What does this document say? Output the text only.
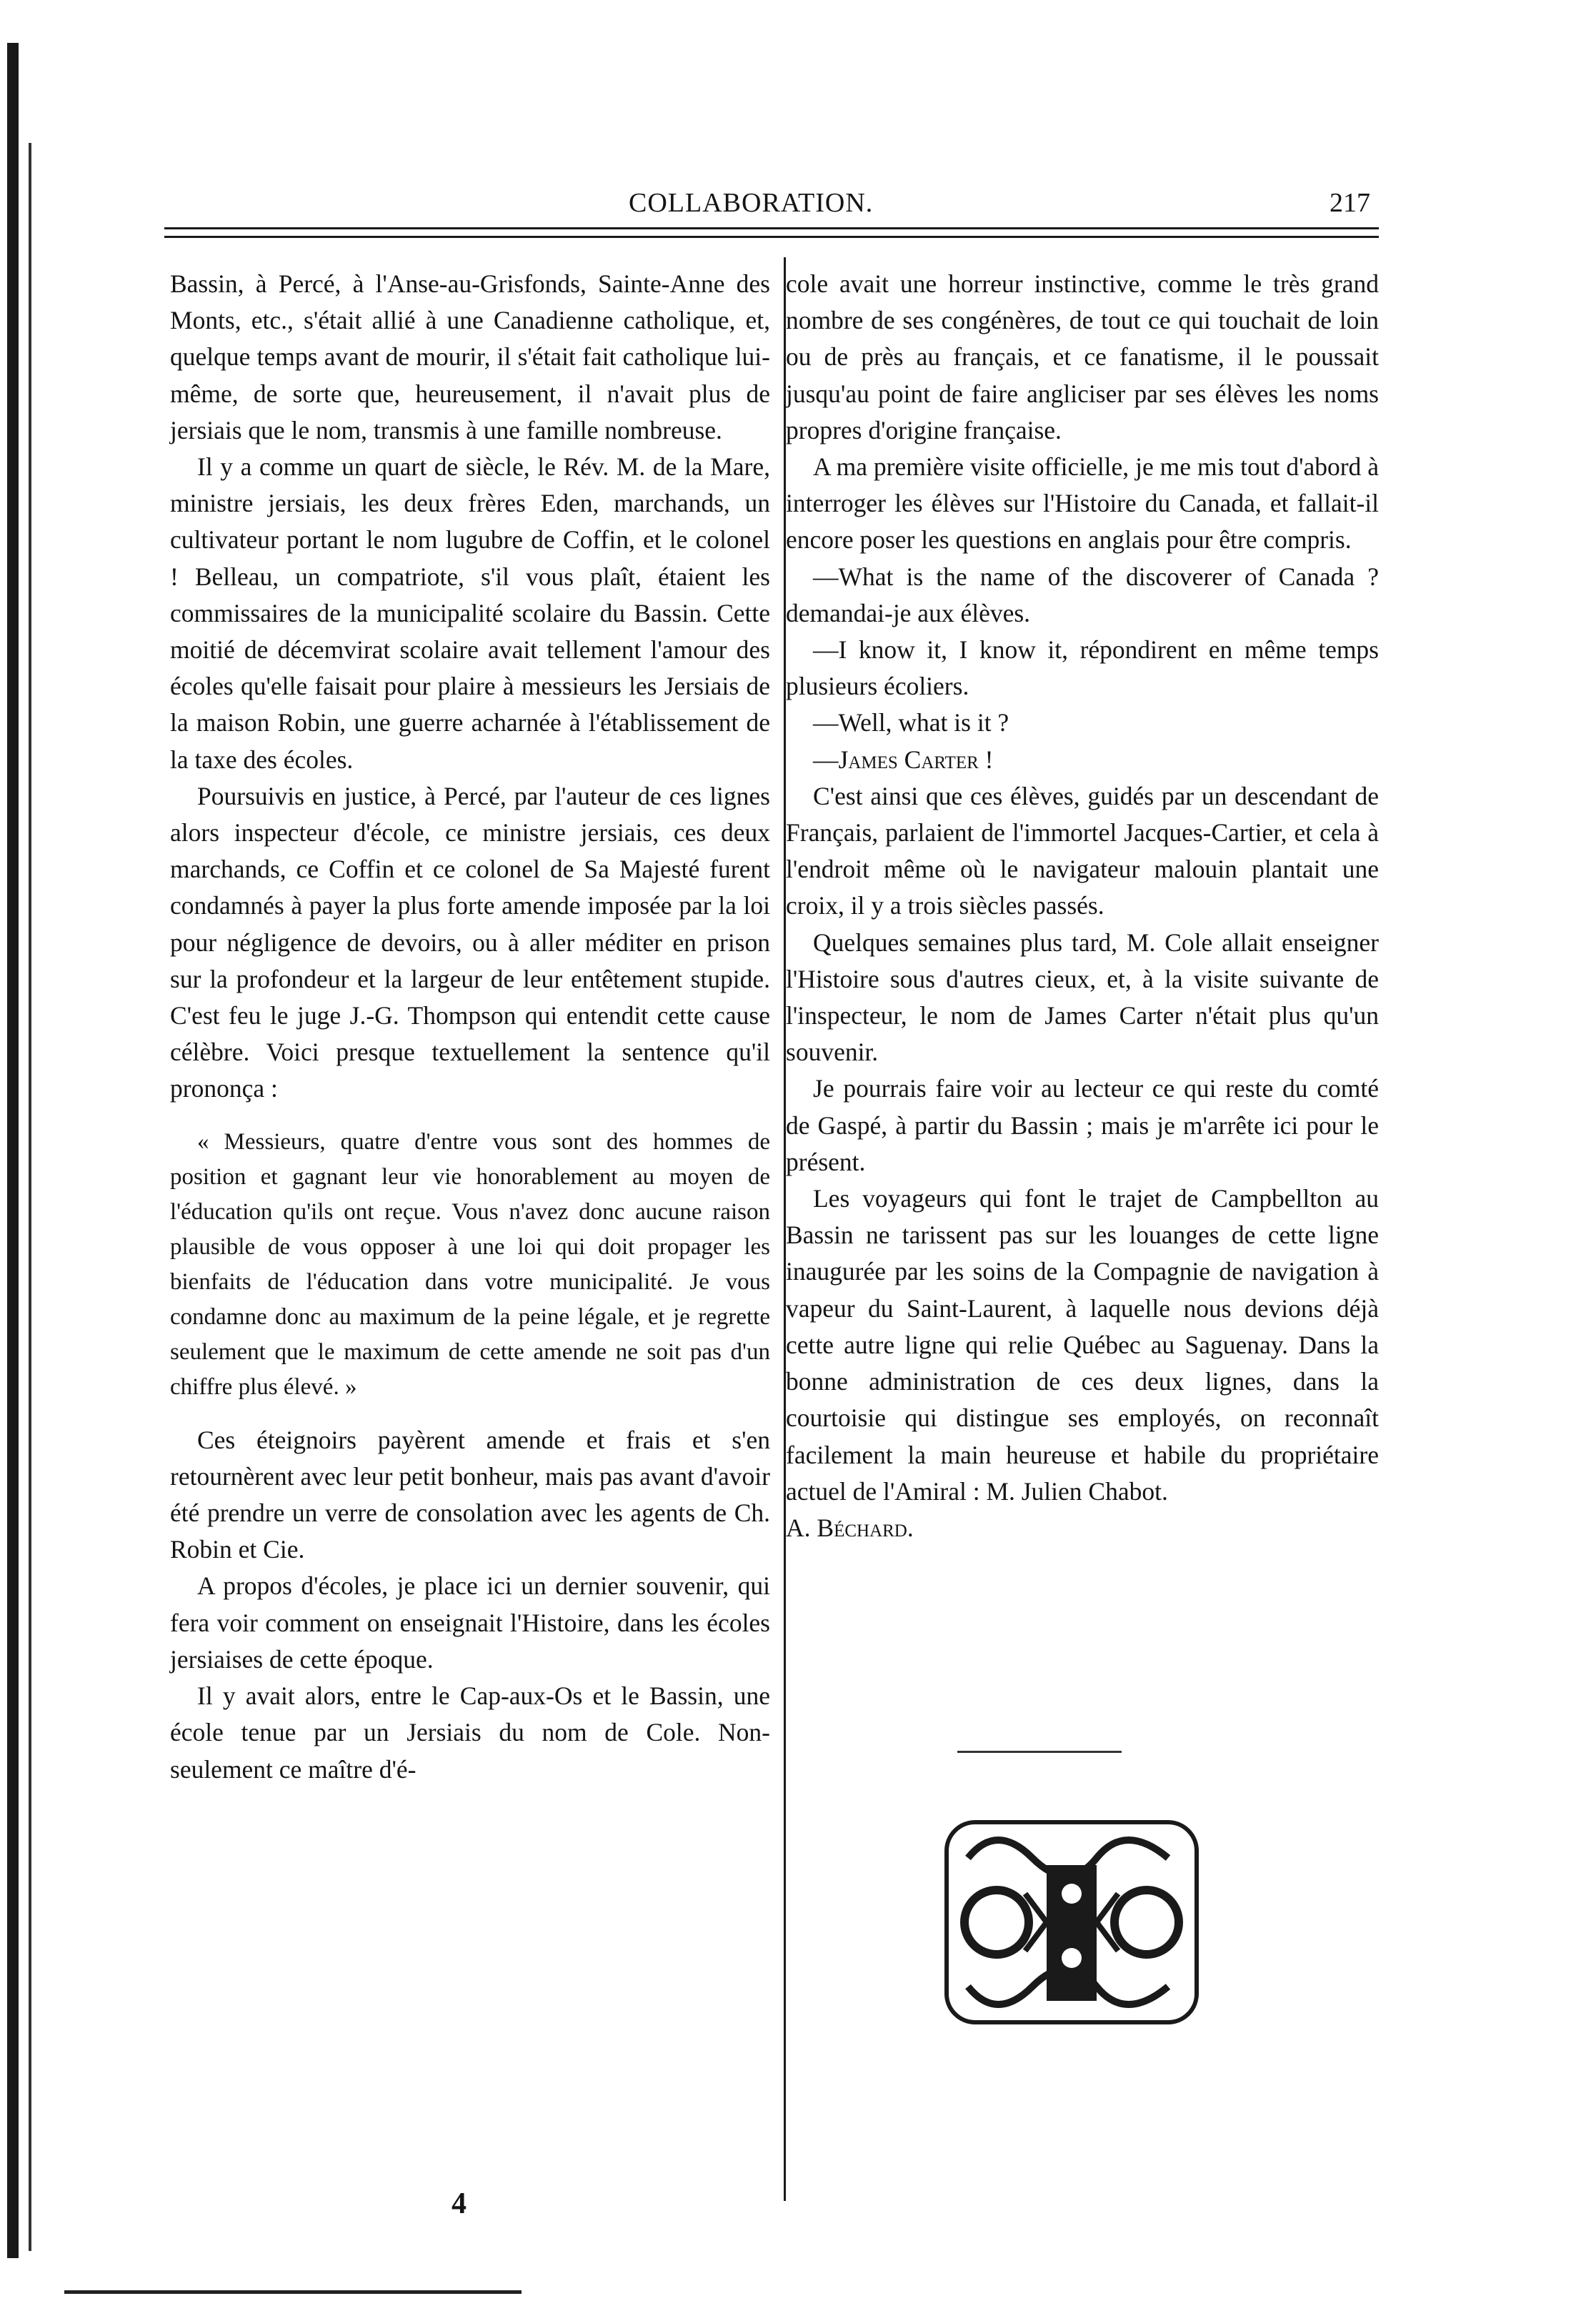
COLLABORATION.	217

Bassin, à Percé, à l'Anse-au-Grisfonds, Sainte-Anne des Monts, etc., s'était allié à une Canadienne catholique, et, quelque temps avant de mourir, il s'était fait catholique lui-même, de sorte que, heureusement, il n'avait plus de jersiais que le nom, transmis à une famille nombreuse.

Il y a comme un quart de siècle, le Rév. M. de la Mare, ministre jersiais, les deux frères Eden, marchands, un cultivateur portant le nom lugubre de Coffin, et le colonel ! Belleau, un compatriote, s'il vous plaît, étaient les commissaires de la municipalité scolaire du Bassin. Cette moitié de décemvirat scolaire avait tellement l'amour des écoles qu'elle faisait pour plaire à messieurs les Jersiais de la maison Robin, une guerre acharnée à l'établissement de la taxe des écoles.

Poursuivis en justice, à Percé, par l'auteur de ces lignes alors inspecteur d'école, ce ministre jersiais, ces deux marchands, ce Coffin et ce colonel de Sa Majesté furent condamnés à payer la plus forte amende imposée par la loi pour négligence de devoirs, ou à aller méditer en prison sur la profondeur et la largeur de leur entêtement stupide. C'est feu le juge J.-G. Thompson qui entendit cette cause célèbre. Voici presque textuellement la sentence qu'il prononça :

« Messieurs, quatre d'entre vous sont des hommes de position et gagnant leur vie honorablement au moyen de l'éducation qu'ils ont reçue. Vous n'avez donc aucune raison plausible de vous opposer à une loi qui doit propager les bienfaits de l'éducation dans votre municipalité. Je vous condamne donc au maximum de la peine légale, et je regrette seulement que le maximum de cette amende ne soit pas d'un chiffre plus élevé. »

Ces éteignoirs payèrent amende et frais et s'en retournèrent avec leur petit bonheur, mais pas avant d'avoir été prendre un verre de consolation avec les agents de Ch. Robin et Cie.

A propos d'écoles, je place ici un dernier souvenir, qui fera voir comment on enseignait l'Histoire, dans les écoles jersiaises de cette époque.

Il y avait alors, entre le Cap-aux-Os et le Bassin, une école tenue par un Jersiais du nom de Cole. Non-seulement ce maître d'é-

cole avait une horreur instinctive, comme le très grand nombre de ses congénères, de tout ce qui touchait de loin ou de près au français, et ce fanatisme, il le poussait jusqu'au point de faire angliciser par ses élèves les noms propres d'origine française.

A ma première visite officielle, je me mis tout d'abord à interroger les élèves sur l'Histoire du Canada, et fallait-il encore poser les questions en anglais pour être compris.

—What is the name of the discoverer of Canada ? demandai-je aux élèves.

—I know it, I know it, répondirent en même temps plusieurs écoliers.

—Well, what is it ?

—James Carter !

C'est ainsi que ces élèves, guidés par un descendant de Français, parlaient de l'immortel Jacques-Cartier, et cela à l'endroit même où le navigateur malouin plantait une croix, il y a trois siècles passés.

Quelques semaines plus tard, M. Cole allait enseigner l'Histoire sous d'autres cieux, et, à la visite suivante de l'inspecteur, le nom de James Carter n'était plus qu'un souvenir.

Je pourrais faire voir au lecteur ce qui reste du comté de Gaspé, à partir du Bassin ; mais je m'arrête ici pour le présent.

Les voyageurs qui font le trajet de Campbellton au Bassin ne tarissent pas sur les louanges de cette ligne inaugurée par les soins de la Compagnie de navigation à vapeur du Saint-Laurent, à laquelle nous devions déjà cette autre ligne qui relie Québec au Saguenay. Dans la bonne administration de ces deux lignes, dans la courtoisie qui distingue ses employés, on reconnaît facilement la main heureuse et habile du propriétaire actuel de l'Amiral : M. Julien Chabot.

A. Béchard.

4
